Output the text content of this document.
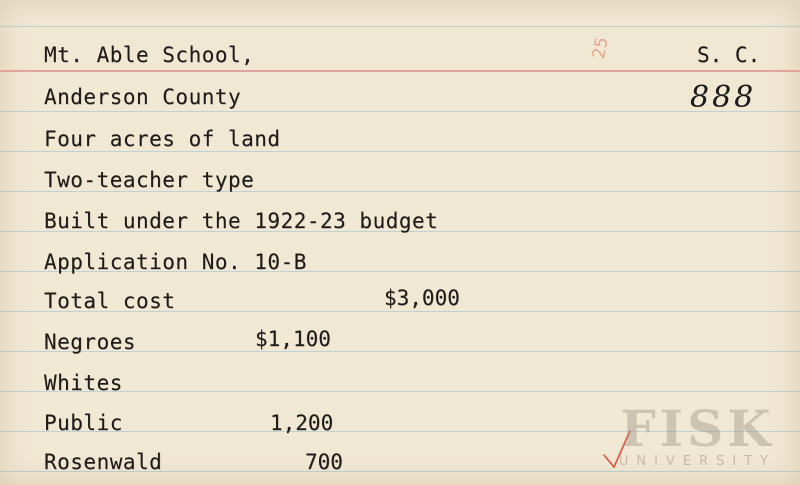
Mt. Able School,	S. C.
25
Anderson County	888
Four acres of land
Two-teacher type
Built under the 1922-23 budget
Application No. 10-B
Total cost	$3,000
Negroes	$1,100
Whites
Public	1,200
Rosenwald	700
FISK
UNIVERSITY
